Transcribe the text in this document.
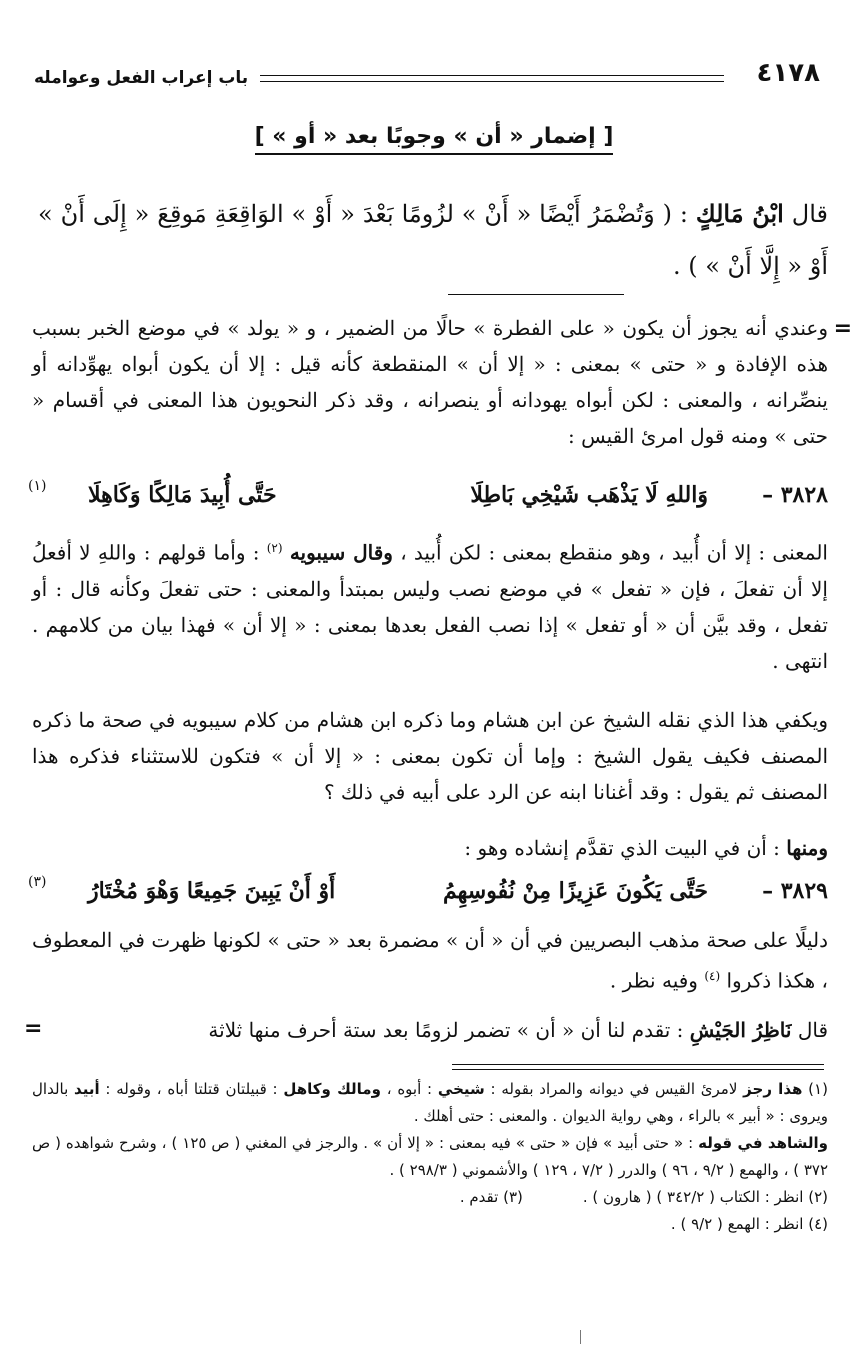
باب إعراب الفعل وعوامله	٤١٧٨
[ إضمار « أن » وجوبًا بعد « أو » ]
قال ابْنُ مَالِكٍ : ( وَتُضْمَرُ أَيْضًا « أَنْ » لزُومًا بَعْدَ « أَوْ » الوَاقِعَةِ مَوقِعَ « إِلَى أَنْ » أَوْ « إِلَّا أَنْ » ) .
=
وعندي أنه يجوز أن يكون « على الفطرة » حالًا من الضمير ، و « يولد » في موضع الخبر بسبب هذه الإفادة و « حتى » بمعنى : « إلا أن » المنقطعة كأنه قيل : إلا أن يكون أبواه يهوِّدانه أو ينصِّرانه ، والمعنى : لكن أبواه يهودانه أو ينصرانه ، وقد ذكر النحويون هذا المعنى في أقسام « حتى » ومنه قول امرئ القيس :
٣٨٢٨ –
وَاللهِ لَا يَذْهَب شَيْخِي بَاطِلَا
حَتَّى أُبِيدَ مَالِكًا وَكَاهِلَا
(١)
المعنى : إلا أن أُبيد ، وهو منقطع بمعنى : لكن أُبيد ، وقال سيبويه $^{(٢)}$ : وأما قولهم : واللهِ لا أفعلُ إلا أن تفعلَ ، فإن « تفعل » في موضع نصب وليس بمبتدأ والمعنى : حتى تفعلَ وكأنه قال : أو تفعل ، وقد بيَّن أن « أو تفعل » إذا نصب الفعل بعدها بمعنى : « إلا أن » فهذا بيان من كلامهم . انتهى .
ويكفي هذا الذي نقله الشيخ عن ابن هشام وما ذكره ابن هشام من كلام سيبويه في صحة ما ذكره المصنف فكيف يقول الشيخ : وإما أن تكون بمعنى : « إلا أن » فتكون للاستثناء فذكره هذا المصنف ثم يقول : وقد أغنانا ابنه عن الرد على أبيه في ذلك ؟
ومنها : أن في البيت الذي تقدَّم إنشاده وهو :
٣٨٢٩ –
حَتَّى يَكُونَ عَزِيزًا مِنْ نُفُوسِهِمُ
أَوْ أَنْ يَبِينَ جَمِيعًا وَهْوَ مُخْتَارُ
(٣)
دليلًا على صحة مذهب البصريين في أن « أن » مضمرة بعد « حتى » لكونها ظهرت في المعطوف ، هكذا ذكروا $^{(٤)}$ وفيه نظر .
قال نَاظِرُ الجَيْشِ : تقدم لنا أن « أن » تضمر لزومًا بعد ستة أحرف منها ثلاثة
=

(١) هذا رجز لامرئ القيس في ديوانه والمراد بقوله : شيخي : أبوه ، ومالك وكاهل : قبيلتان قتلتا أباه ، وقوله : أبيد بالدال ويروى : « أبير » بالراء ، وهي رواية الديوان . والمعنى : حتى أهلك .

والشاهد في قوله : « حتى أبيد » فإن « حتى » فيه بمعنى : « إلا أن » . والرجز في المغني ( ص ١٢٥ ) ، وشرح شواهده ( ص ٣٧٢ ) ، والهمع ( ٩/٢ ، ٩٦ ) والدرر ( ٧/٢ ، ١٢٩ ) والأشموني ( ٢٩٨/٣ ) .

(٢) انظر : الكتاب ( ٣٤٢/٢ ) ( هارون ) .
(٣) تقدم .

(٤) انظر : الهمع ( ٩/٢ ) .
